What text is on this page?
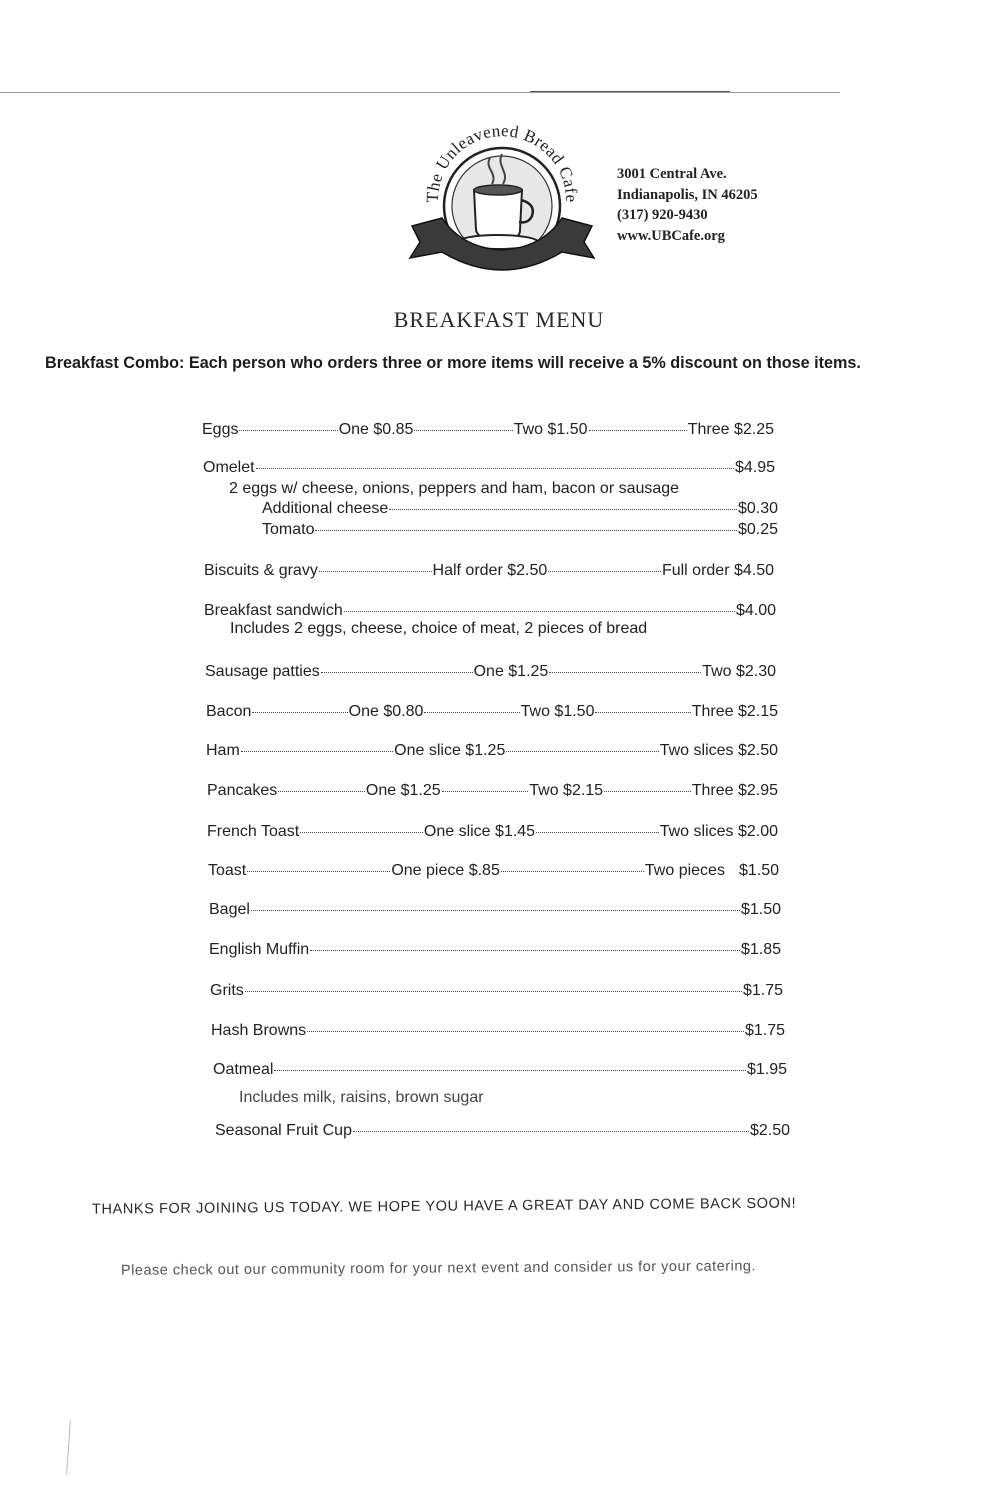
The Unleavened Bread Cafe
3001 Central Ave.
Indianapolis, IN 46205
(317) 920-9430
www.UBCafe.org
BREAKFAST MENU
Breakfast Combo: Each person who orders three or more items will receive a 5% discount on those items.
Eggs	One $0.85	Two $1.50	Three $2.25
Omelet	$4.95
2 eggs w/ cheese, onions, peppers and ham, bacon or sausage
Additional cheese	$0.30
Tomato	$0.25
Biscuits & gravy	Half order $2.50	Full order $4.50
Breakfast sandwich	$4.00
Includes 2 eggs, cheese, choice of meat, 2 pieces of bread
Sausage patties	One $1.25	Two $2.30
Bacon	One $0.80	Two $1.50	Three $2.15
Ham	One slice $1.25	Two slices $2.50
Pancakes	One $1.25	Two $2.15	Three $2.95
French Toast	One slice $1.45	Two slices $2.00
Toast	One piece $.85	Two pieces $1.50
Bagel	$1.50
English Muffin	$1.85
Grits	$1.75
Hash Browns	$1.75
Oatmeal	$1.95
Includes milk, raisins, brown sugar
Seasonal Fruit Cup	$2.50
THANKS FOR JOINING US TODAY. WE HOPE YOU HAVE A GREAT DAY AND COME BACK SOON!
Please check out our community room for your next event and consider us for your catering.
